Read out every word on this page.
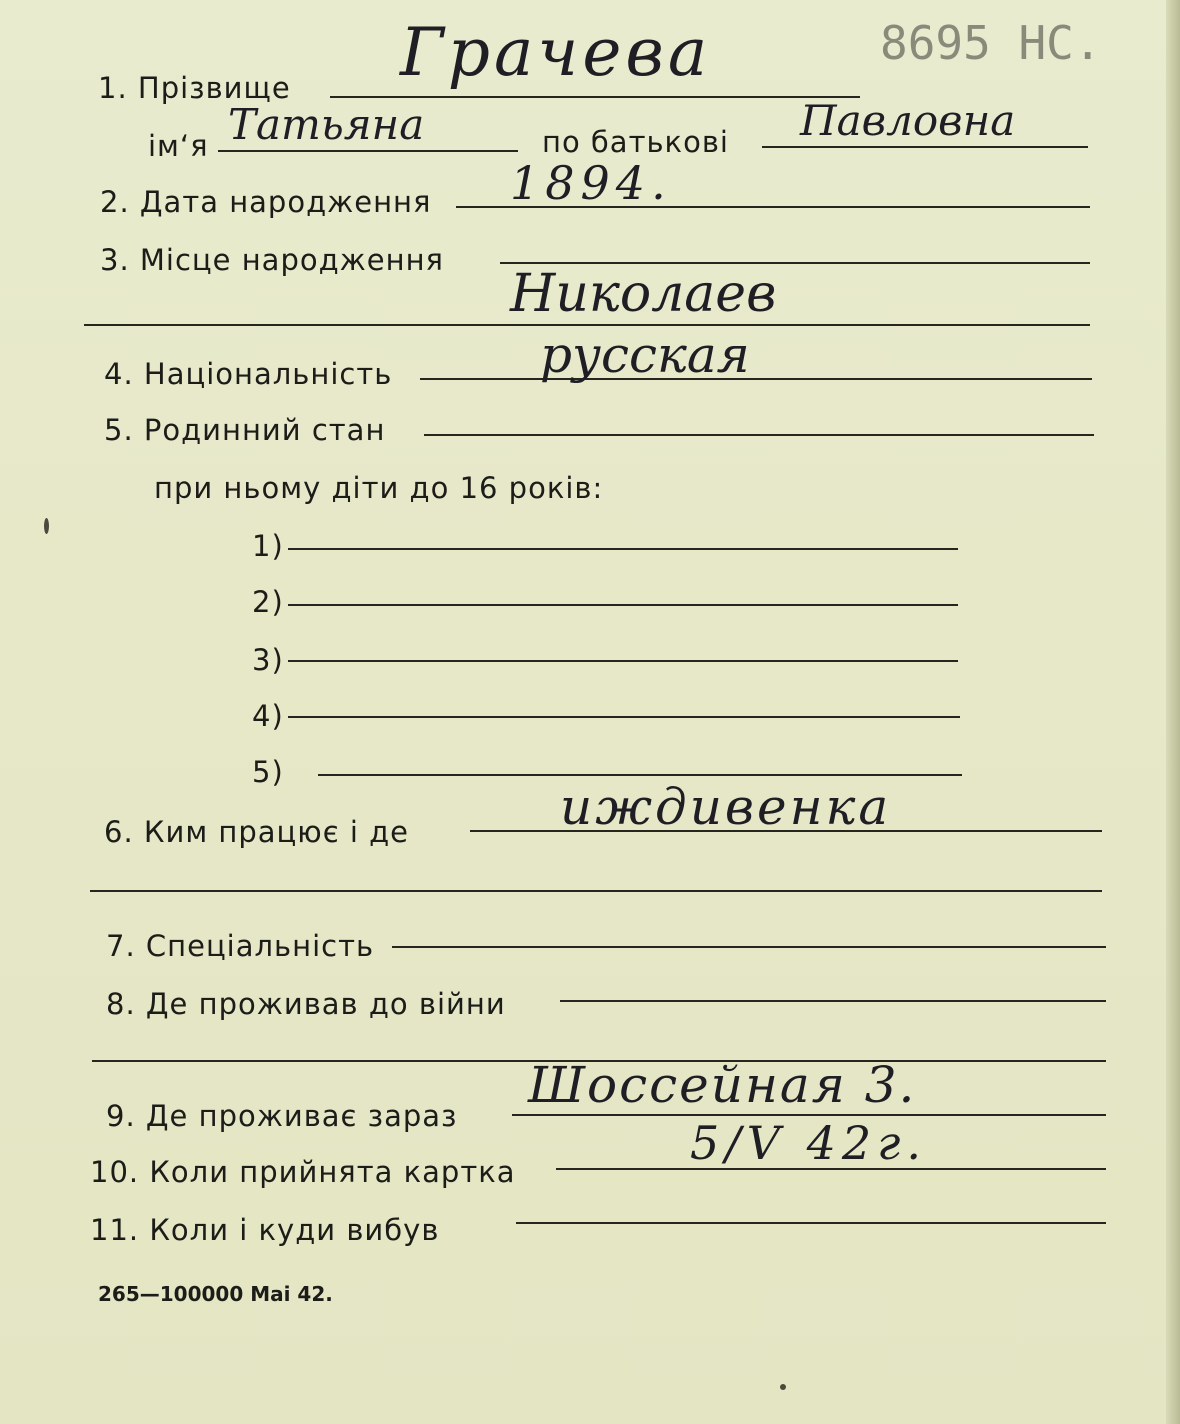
1. Прізвище Грачева	8695 НС.
ім‘я Татьяна	по батькові Павловна
2. Дата народження 1894.
3. Місце народження
Николаев
4. Національність	русская
5. Родинний стан
при ньому діти до 16 років:
1)
2)
3)
4)
5)
6. Ким працює і де	иждивенка
7. Спеціальність
8. Де проживав до війни
9. Де проживає зараз
Шоссейная 3.
10. Коли прийнята картка
5/V 42г.
11. Коли і куди вибув
265—100000 Mai 42.
